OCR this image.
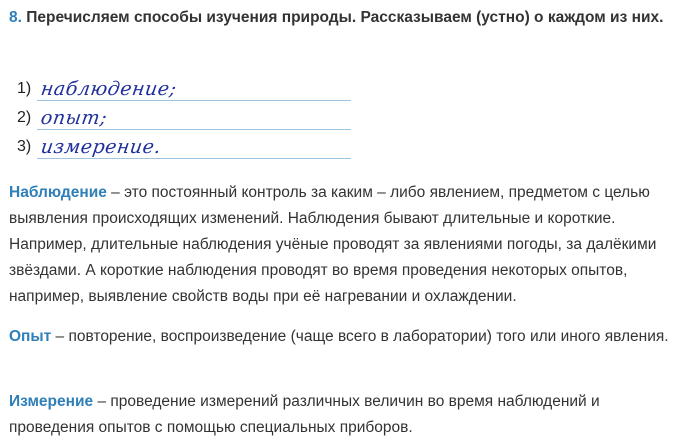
8. Перечисляем способы изучения природы. Рассказываем (устно) о каждом из них.
1) наблюдение;
2) опыт;
3) измерение.
Наблюдение – это постоянный контроль за каким – либо явлением, предметом с целью выявления происходящих изменений. Наблюдения бывают длительные и короткие. Например, длительные наблюдения учёные проводят за явлениями погоды, за далёкими звёздами. А короткие наблюдения проводят во время проведения некоторых опытов, например, выявление свойств воды при её нагревании и охлаждении.
Опыт – повторение, воспроизведение (чаще всего в лаборатории) того или иного явления.
Измерение – проведение измерений различных величин во время наблюдений и проведения опытов с помощью специальных приборов.
